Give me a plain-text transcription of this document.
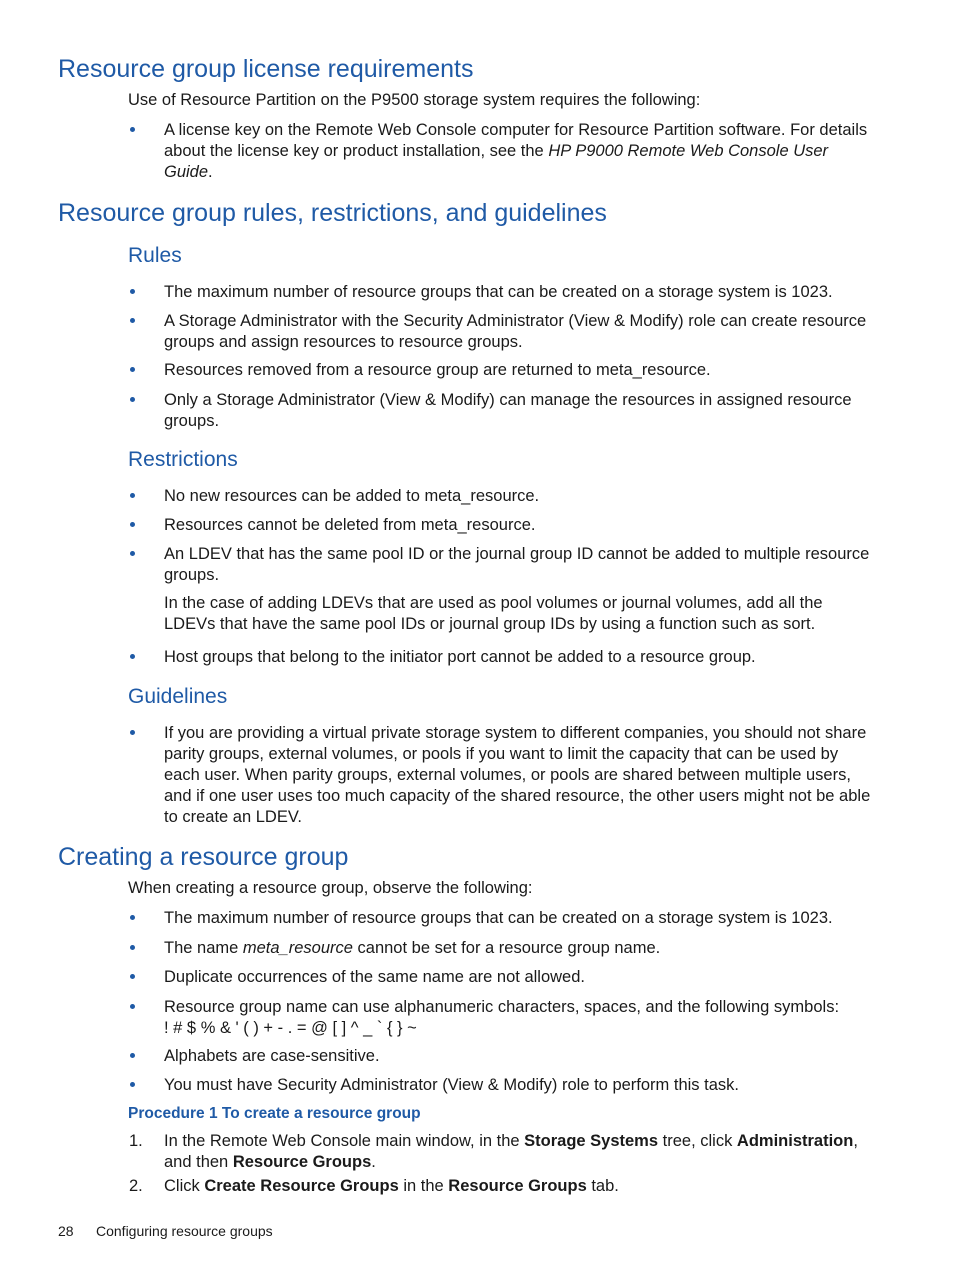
Resource group license requirements

Use of Resource Partition on the P9500 storage system requires the following:

A license key on the Remote Web Console computer for Resource Partition software. For details about the license key or product installation, see the HP P9000 Remote Web Console User Guide.

Resource group rules, restrictions, and guidelines
Rules

The maximum number of resource groups that can be created on a storage system is 1023.

A Storage Administrator with the Security Administrator (View & Modify) role can create resource groups and assign resources to resource groups.

Resources removed from a resource group are returned to meta_resource.

Only a Storage Administrator (View & Modify) can manage the resources in assigned resource groups.

Restrictions

No new resources can be added to meta_resource.

Resources cannot be deleted from meta_resource.

An LDEV that has the same pool ID or the journal group ID cannot be added to multiple resource groups.

In the case of adding LDEVs that are used as pool volumes or journal volumes, add all the LDEVs that have the same pool IDs or journal group IDs by using a function such as sort.

Host groups that belong to the initiator port cannot be added to a resource group.

Guidelines

If you are providing a virtual private storage system to different companies, you should not share parity groups, external volumes, or pools if you want to limit the capacity that can be used by each user. When parity groups, external volumes, or pools are shared between multiple users, and if one user uses too much capacity of the shared resource, the other users might not be able to create an LDEV.

Creating a resource group

When creating a resource group, observe the following:

The maximum number of resource groups that can be created on a storage system is 1023.

The name meta_resource cannot be set for a resource group name.

Duplicate occurrences of the same name are not allowed.

Resource group name can use alphanumeric characters, spaces, and the following symbols:
! # $ % & ' ( ) + - . = @ [ ] ^ _ ` { } ~

Alphabets are case-sensitive.

You must have Security Administrator (View & Modify) role to perform this task.

Procedure 1 To create a resource group
1. In the Remote Web Console main window, in the Storage Systems tree, click Administration, and then Resource Groups.

2. Click Create Resource Groups in the Resource Groups tab.

28 Configuring resource groups
